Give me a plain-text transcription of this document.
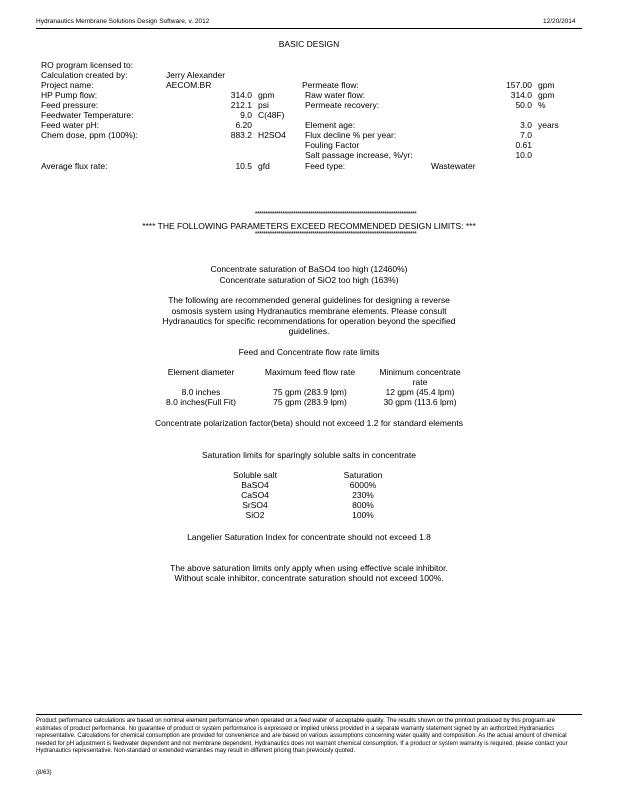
Hydranautics Membrane Solutions Design Software, v. 2012	12/20/2014
BASIC DESIGN
RO program licensed to:
Calculation created by:	Jerry Alexander
Project name:	AECOM.BR
HP Pump flow:	314.0 gpm
Feed pressure:	212.1 psi
Feedwater Temperature:	9.0 C(48F)
Feed water pH:	6.20
Chem dose, ppm (100%):	883.2 H2SO4
Average flux rate:	10.5 gfd
Permeate flow:	157.00 gpm
Raw water flow:	314.0 gpm
Permeate recovery:	50.0 %
Element age:	3.0 years
Flux decline % per year:	7.0
Fouling Factor	0.61
Salt passage increase, %/yr:	10.0
Feed type:	Wastewater
****************************************************************************
**** THE FOLLOWING PARAMETERS EXCEED RECOMMENDED DESIGN LIMITS: ***
****************************************************************************
Concentrate saturation of BaSO4 too high (12460%)
Concentrate saturation of SiO2 too high (163%)
The following are recommended general guidelines for designing a reverse
osmosis system using Hydranautics membrane elements. Please consult
Hydranautics for specific recommendations for operation beyond the specified
guidelines.
Feed and Concentrate flow rate limits
Element diameter	Maximum feed flow rate	Minimum concentrate
rate
8.0 inches	75 gpm (283.9 lpm)	12 gpm (45.4 lpm)
8.0 inches(Full Fit)	75 gpm (283.9 lpm)	30 gpm (113.6 lpm)
Concentrate polarization factor(beta) should not exceed 1.2 for standard elements
Saturation limits for sparingly soluble salts in concentrate
Soluble salt	Saturation
BaSO4	6000%
CaSO4	230%
SrSO4	800%
SiO2	100%
Langelier Saturation Index for concentrate should not exceed 1.8
The above saturation limits only apply when using effective scale inhibitor.
Without scale inhibitor, concentrate saturation should not exceed 100%.
Product performance calculations are based on nominal element performance when operated on a feed water of acceptable quality. The results shown on the printout produced by this program are estimates of product performance. No guarantee of product or system performance is expressed or implied unless provided in a separate warranty statement signed by an authorized Hydranautics representative. Calculations for chemical consumption are provided for convenience and are based on various assumptions concerning water quality and composition. As the actual amount of chemical needed for pH adjustment is feedwater dependent and not membrane dependent, Hydranautics does not warrant chemical consumption. If a product or system warranty is required, please contact your Hydranautics representative. Non-standard or extended warranties may result in different pricing than previously quoted.
(8/63)
